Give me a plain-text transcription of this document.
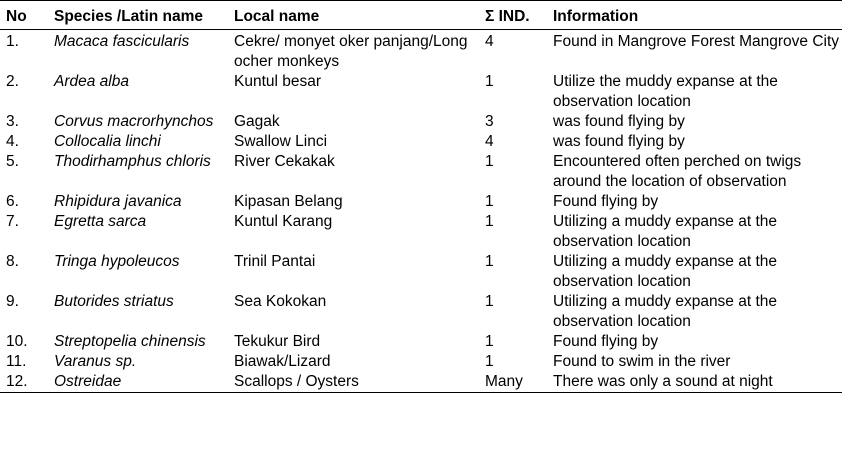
No	Species /Latin name	Local name	Σ IND.	Information
1.	Macaca fascicularis	Cekre/ monyet oker panjang/Long ocher monkeys	4	Found in Mangrove Forest Mangrove City
2.	Ardea alba	Kuntul besar	1	Utilize the muddy expanse at the observation location
3.	Corvus macrorhynchos	Gagak	3	was found flying by
4.	Collocalia linchi	Swallow Linci	4	was found flying by
5.	Thodirhamphus chloris	River Cekakak	1	Encountered often perched on twigs around the location of observation
6.	Rhipidura javanica	Kipasan Belang	1	Found flying by
7.	Egretta sarca	Kuntul Karang	1	Utilizing a muddy expanse at the observation location
8.	Tringa hypoleucos	Trinil Pantai	1	Utilizing a muddy expanse at the observation location
9.	Butorides striatus	Sea Kokokan	1	Utilizing a muddy expanse at the observation location
10.	Streptopelia chinensis	Tekukur Bird	1	Found flying by
11.	Varanus sp.	Biawak/Lizard	1	Found to swim in the river
12.	Ostreidae	Scallops / Oysters	Many	There was only a sound at night
